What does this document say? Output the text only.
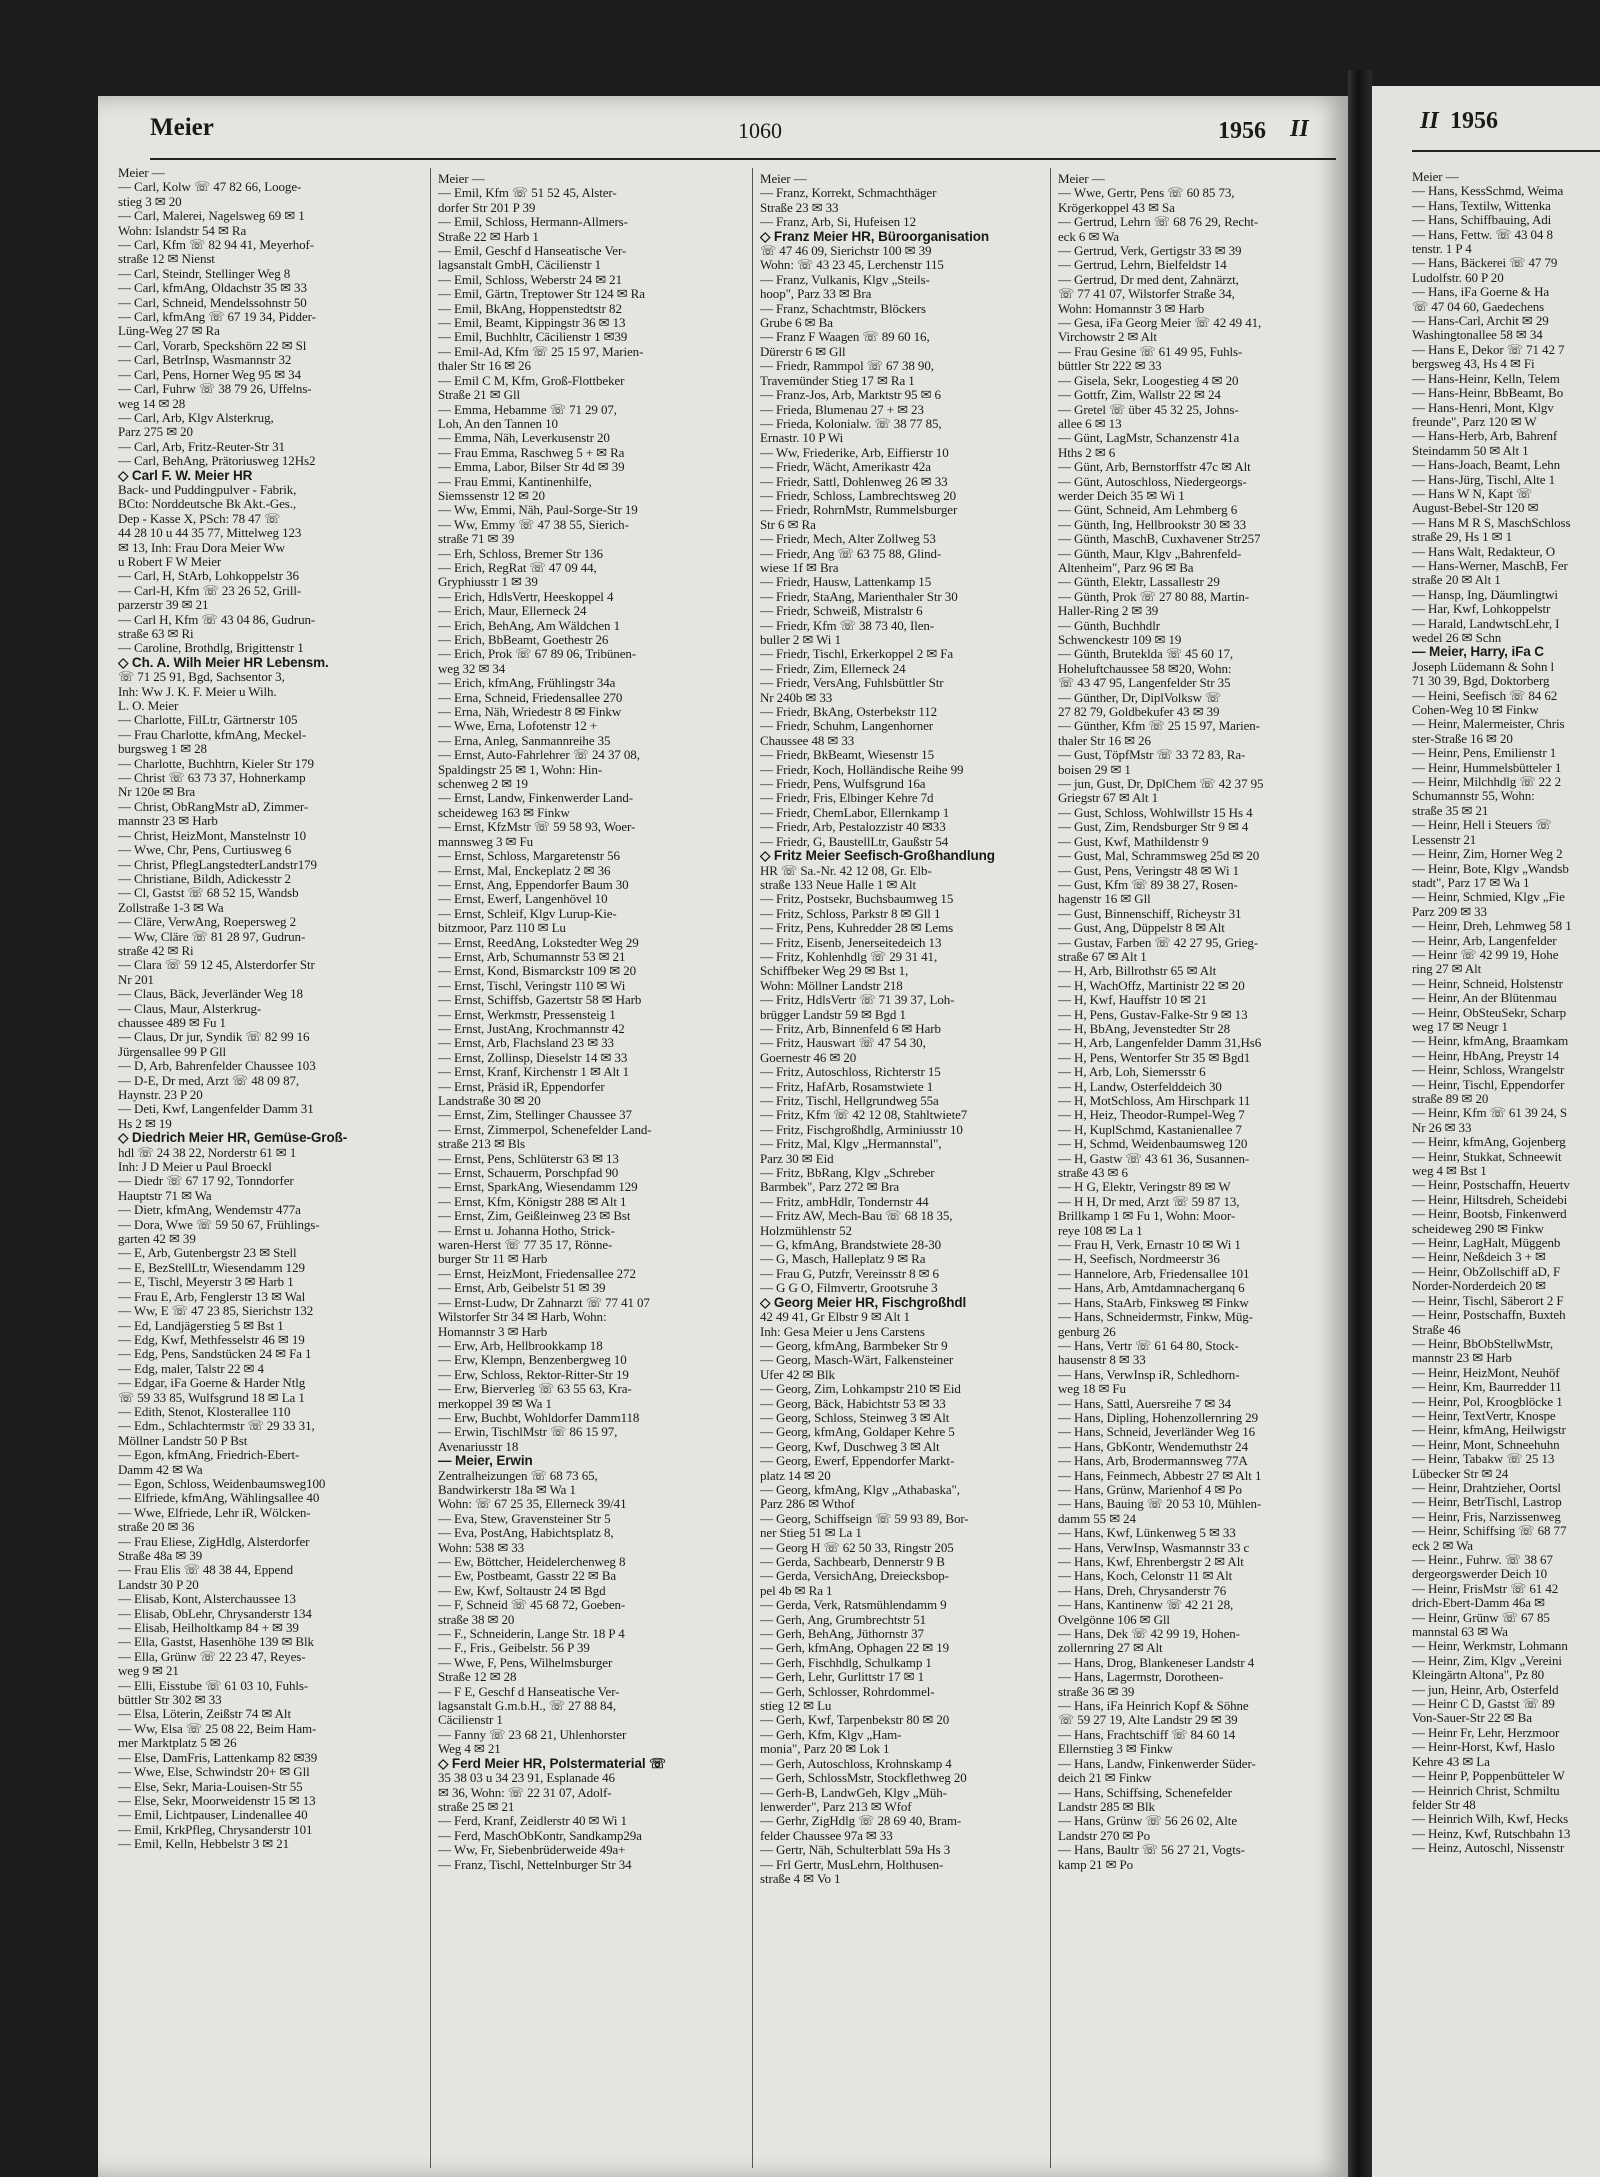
Meier	1060	1956 II
Meier —
— Carl, Kolw ☏ 47 82 66, Looge-
stieg 3 ✉ 20
— Carl, Malerei, Nagelsweg 69 ✉ 1
Wohn: Islandstr 54 ✉ Ra
— Carl, Kfm ☏ 82 94 41, Meyerhof-
straße 12 ✉ Nienst
— Carl, Steindr, Stellinger Weg 8
— Carl, kfmAng, Oldachstr 35 ✉ 33
— Carl, Schneid, Mendelssohnstr 50
— Carl, kfmAng ☏ 67 19 34, Pidder-
Lüng-Weg 27 ✉ Ra
— Carl, Vorarb, Speckshörn 22 ✉ Sl
— Carl, BetrInsp, Wasmannstr 32
— Carl, Pens, Horner Weg 95 ✉ 34
— Carl, Fuhrw ☏ 38 79 26, Uffelns-
weg 14 ✉ 28
— Carl, Arb, Klgv Alsterkrug,
Parz 275 ✉ 20
— Carl, Arb, Fritz-Reuter-Str 31
— Carl, BehAng, Prätoriusweg 12Hs2
◇ Carl F. W. Meier HR
Back- und Puddingpulver - Fabrik,
BCto: Norddeutsche Bk Akt.-Ges.,
Dep - Kasse X, PSch: 78 47 ☏
44 28 10 u 44 35 77, Mittelweg 123
✉ 13, Inh: Frau Dora Meier Ww
u Robert F W Meier
— Carl, H, StArb, Lohkoppelstr 36
— Carl-H, Kfm ☏ 23 26 52, Grill-
parzerstr 39 ✉ 21
— Carl H, Kfm ☏ 43 04 86, Gudrun-
straße 63 ✉ Ri
— Caroline, Brothdlg, Brigittenstr 1
◇ Ch. A. Wilh Meier HR Lebensm.
☏ 71 25 91, Bgd, Sachsentor 3,
Inh: Ww J. K. F. Meier u Wilh.
L. O. Meier
— Charlotte, FilLtr, Gärtnerstr 105
— Frau Charlotte, kfmAng, Meckel-
burgsweg 1 ✉ 28
— Charlotte, Buchhtrn, Kieler Str 179
— Christ ☏ 63 73 37, Hohnerkamp
Nr 120e ✉ Bra
— Christ, ObRangMstr aD, Zimmer-
mannstr 23 ✉ Harb
— Christ, HeizMont, Manstelnstr 10
— Wwe, Chr, Pens, Curtiusweg 6
— Christ, PflegLangstedterLandstr179
— Christiane, Bildh, Adickesstr 2
— Cl, Gastst ☏ 68 52 15, Wandsb
Zollstraße 1-3 ✉ Wa
— Cläre, VerwAng, Roepersweg 2
— Ww, Cläre ☏ 81 28 97, Gudrun-
straße 42 ✉ Ri
— Clara ☏ 59 12 45, Alsterdorfer Str
Nr 201
— Claus, Bäck, Jeverländer Weg 18
— Claus, Maur, Alsterkrug-
chaussee 489 ✉ Fu 1
— Claus, Dr jur, Syndik ☏ 82 99 16
Jürgensallee 99 P Gll
— D, Arb, Bahrenfelder Chaussee 103
— D-E, Dr med, Arzt ☏ 48 09 87,
Haynstr. 23 P 20
— Deti, Kwf, Langenfelder Damm 31
Hs 2 ✉ 19
◇ Diedrich Meier HR, Gemüse-Groß-
hdl ☏ 24 38 22, Norderstr 61 ✉ 1
Inh: J D Meier u Paul Broeckl
— Diedr ☏ 67 17 92, Tonndorfer
Hauptstr 71 ✉ Wa
— Dietr, kfmAng, Wendemstr 477a
— Dora, Wwe ☏ 59 50 67, Frühlings-
garten 42 ✉ 39
— E, Arb, Gutenbergstr 23 ✉ Stell
— E, BezStellLtr, Wiesendamm 129
— E, Tischl, Meyerstr 3 ✉ Harb 1
— Frau E, Arb, Fenglerstr 13 ✉ Wal
— Ww, E ☏ 47 23 85, Sierichstr 132
— Ed, Landjägerstieg 5 ✉ Bst 1
— Edg, Kwf, Methfesselstr 46 ✉ 19
— Edg, Pens, Sandstücken 24 ✉ Fa 1
— Edg, maler, Talstr 22 ✉ 4
— Edgar, iFa Goerne & Harder Ntlg
☏ 59 33 85, Wulfsgrund 18 ✉ La 1
— Edith, Stenot, Klosterallee 110
— Edm., Schlachtermstr ☏ 29 33 31,
Möllner Landstr 50 P Bst
— Egon, kfmAng, Friedrich-Ebert-
Damm 42 ✉ Wa
— Egon, Schloss, Weidenbaumsweg100
— Elfriede, kfmAng, Wählingsallee 40
— Wwe, Elfriede, Lehr iR, Wölcken-
straße 20 ✉ 36
— Frau Eliese, ZigHdlg, Alsterdorfer
Straße 48a ✉ 39
— Frau Elis ☏ 48 38 44, Eppend
Landstr 30 P 20
— Elisab, Kont, Alsterchaussee 13
— Elisab, ObLehr, Chrysanderstr 134
— Elisab, Heilholtkamp 84 + ✉ 39
— Ella, Gastst, Hasenhöhe 139 ✉ Blk
— Ella, Grünw ☏ 22 23 47, Reyes-
weg 9 ✉ 21
— Elli, Eisstube ☏ 61 03 10, Fuhls-
büttler Str 302 ✉ 33
— Elsa, Löterin, Zeißstr 74 ✉ Alt
— Ww, Elsa ☏ 25 08 22, Beim Ham-
mer Marktplatz 5 ✉ 26
— Else, DamFris, Lattenkamp 82 ✉39
— Wwe, Else, Schwindstr 20+ ✉ Gll
— Else, Sekr, Maria-Louisen-Str 55
— Else, Sekr, Moorweidenstr 15 ✉ 13
— Emil, Lichtpauser, Lindenallee 40
— Emil, KrkPfleg, Chrysanderstr 101
— Emil, Kelln, Hebbelstr 3 ✉ 21
Meier —
— Emil, Kfm ☏ 51 52 45, Alster-
dorfer Str 201 P 39
— Emil, Schloss, Hermann-Allmers-
Straße 22 ✉ Harb 1
— Emil, Geschf d Hanseatische Ver-
lagsanstalt GmbH, Cäcilienstr 1
— Emil, Schloss, Weberstr 24 ✉ 21
— Emil, Gärtn, Treptower Str 124 ✉ Ra
— Emil, BkAng, Hoppenstedtstr 82
— Emil, Beamt, Kippingstr 36 ✉ 13
— Emil, Buchhltr, Cäcilienstr 1 ✉39
— Emil-Ad, Kfm ☏ 25 15 97, Marien-
thaler Str 16 ✉ 26
— Emil C M, Kfm, Groß-Flottbeker
Straße 21 ✉ Gll
— Emma, Hebamme ☏ 71 29 07,
Loh, An den Tannen 10
— Emma, Näh, Leverkusenstr 20
— Frau Emma, Raschweg 5 + ✉ Ra
— Emma, Labor, Bilser Str 4d ✉ 39
— Frau Emmi, Kantinenhilfe,
Siemssenstr 12 ✉ 20
— Ww, Emmi, Näh, Paul-Sorge-Str 19
— Ww, Emmy ☏ 47 38 55, Sierich-
straße 71 ✉ 39
— Erh, Schloss, Bremer Str 136
— Erich, RegRat ☏ 47 09 44,
Gryphiusstr 1 ✉ 39
— Erich, HdlsVertr, Heeskoppel 4
— Erich, Maur, Ellerneck 24
— Erich, BehAng, Am Wäldchen 1
— Erich, BbBeamt, Goethestr 26
— Erich, Prok ☏ 67 89 06, Tribünen-
weg 32 ✉ 34
— Erich, kfmAng, Frühlingstr 34a
— Erna, Schneid, Friedensallee 270
— Erna, Näh, Wriedestr 8 ✉ Finkw
— Wwe, Erna, Lofotenstr 12 +
— Erna, Anleg, Sanmannreihe 35
— Ernst, Auto-Fahrlehrer ☏ 24 37 08,
Spaldingstr 25 ✉ 1, Wohn: Hin-
schenweg 2 ✉ 19
— Ernst, Landw, Finkenwerder Land-
scheideweg 163 ✉ Finkw
— Ernst, KfzMstr ☏ 59 58 93, Woer-
mannsweg 3 ✉ Fu
— Ernst, Schloss, Margaretenstr 56
— Ernst, Mal, Enckeplatz 2 ✉ 36
— Ernst, Ang, Eppendorfer Baum 30
— Ernst, Ewerf, Langenhövel 10
— Ernst, Schleif, Klgv Lurup-Kie-
bitzmoor, Parz 110 ✉ Lu
— Ernst, ReedAng, Lokstedter Weg 29
— Ernst, Arb, Schumannstr 53 ✉ 21
— Ernst, Kond, Bismarckstr 109 ✉ 20
— Ernst, Tischl, Veringstr 110 ✉ Wi
— Ernst, Schiffsb, Gazertstr 58 ✉ Harb
— Ernst, Werkmstr, Pressensteig 1
— Ernst, JustAng, Krochmannstr 42
— Ernst, Arb, Flachsland 23 ✉ 33
— Ernst, Zollinsp, Dieselstr 14 ✉ 33
— Ernst, Kranf, Kirchenstr 1 ✉ Alt 1
— Ernst, Präsid iR, Eppendorfer
Landstraße 30 ✉ 20
— Ernst, Zim, Stellinger Chaussee 37
— Ernst, Zimmerpol, Schenefelder Land-
straße 213 ✉ Bls
— Ernst, Pens, Schlüterstr 63 ✉ 13
— Ernst, Schauerm, Porschpfad 90
— Ernst, SparkAng, Wiesendamm 129
— Ernst, Kfm, Königstr 288 ✉ Alt 1
— Ernst, Zim, Geißleinweg 23 ✉ Bst
— Ernst u. Johanna Hotho, Strick-
waren-Herst ☏ 77 35 17, Rönne-
burger Str 11 ✉ Harb
— Ernst, HeizMont, Friedensallee 272
— Ernst, Arb, Geibelstr 51 ✉ 39
— Ernst-Ludw, Dr Zahnarzt ☏ 77 41 07
Wilstorfer Str 34 ✉ Harb, Wohn:
Homannstr 3 ✉ Harb
— Erw, Arb, Hellbrookkamp 18
— Erw, Klempn, Benzenbergweg 10
— Erw, Schloss, Rektor-Ritter-Str 19
— Erw, Bierverleg ☏ 63 55 63, Kra-
merkoppel 39 ✉ Wa 1
— Erw, Buchbt, Wohldorfer Damm118
— Erwin, TischlMstr ☏ 86 15 97,
Avenariusstr 18
— Meier, Erwin
Zentralheizungen ☏ 68 73 65,
Bandwirkerstr 18a ✉ Wa 1
Wohn: ☏ 67 25 35, Ellerneck 39/41
— Eva, Stew, Gravensteiner Str 5
— Eva, PostAng, Habichtsplatz 8,
Wohn: 538 ✉ 33
— Ew, Böttcher, Heidelerchenweg 8
— Ew, Postbeamt, Gasstr 22 ✉ Ba
— Ew, Kwf, Soltaustr 24 ✉ Bgd
— F, Schneid ☏ 45 68 72, Goeben-
straße 38 ✉ 20
— F., Schneiderin, Lange Str. 18 P 4
— F., Fris., Geibelstr. 56 P 39
— Wwe, F, Pens, Wilhelmsburger
Straße 12 ✉ 28
— F E, Geschf d Hanseatische Ver-
lagsanstalt G.m.b.H., ☏ 27 88 84,
Cäcilienstr 1
— Fanny ☏ 23 68 21, Uhlenhorster
Weg 4 ✉ 21
◇ Ferd Meier HR, Polstermaterial ☏
35 38 03 u 34 23 91, Esplanade 46
✉ 36, Wohn: ☏ 22 31 07, Adolf-
straße 25 ✉ 21
— Ferd, Kranf, Zeidlerstr 40 ✉ Wi 1
— Ferd, MaschObKontr, Sandkamp29a
— Ww, Fr, Siebenbrüderweide 49a+
— Franz, Tischl, Nettelnburger Str 34
Meier —
— Franz, Korrekt, Schmachthäger
Straße 23 ✉ 33
— Franz, Arb, Si, Hufeisen 12
◇ Franz Meier HR, Büroorganisation
☏ 47 46 09, Sierichstr 100 ✉ 39
Wohn: ☏ 43 23 45, Lerchenstr 115
— Franz, Vulkanis, Klgv „Steils-
hoop", Parz 33 ✉ Bra
— Franz, Schachtmstr, Blöckers
Grube 6 ✉ Ba
— Franz F Waagen ☏ 89 60 16,
Dürerstr 6 ✉ Gll
— Friedr, Rammpol ☏ 67 38 90,
Travemünder Stieg 17 ✉ Ra 1
— Franz-Jos, Arb, Marktstr 95 ✉ 6
— Frieda, Blumenau 27 + ✉ 23
— Frieda, Kolonialw. ☏ 38 77 85,
Ernastr. 10 P Wi
— Ww, Friederike, Arb, Eiffierstr 10
— Friedr, Wächt, Amerikastr 42a
— Friedr, Sattl, Dohlenweg 26 ✉ 33
— Friedr, Schloss, Lambrechtsweg 20
— Friedr, RohrnMstr, Rummelsburger
Str 6 ✉ Ra
— Friedr, Mech, Alter Zollweg 53
— Friedr, Ang ☏ 63 75 88, Glind-
wiese 1f ✉ Bra
— Friedr, Hausw, Lattenkamp 15
— Friedr, StaAng, Marienthaler Str 30
— Friedr, Schweiß, Mistralstr 6
— Friedr, Kfm ☏ 38 73 40, Ilen-
buller 2 ✉ Wi 1
— Friedr, Tischl, Erkerkoppel 2 ✉ Fa
— Friedr, Zim, Ellerneck 24
— Friedr, VersAng, Fuhlsbüttler Str
Nr 240b ✉ 33
— Friedr, BkAng, Osterbekstr 112
— Friedr, Schuhm, Langenhorner
Chaussee 48 ✉ 33
— Friedr, BkBeamt, Wiesenstr 15
— Friedr, Koch, Holländische Reihe 99
— Friedr, Pens, Wulfsgrund 16a
— Friedr, Fris, Elbinger Kehre 7d
— Friedr, ChemLabor, Ellernkamp 1
— Friedr, Arb, Pestalozzistr 40 ✉33
— Friedr, G, BaustellLtr, Gaußstr 54
◇ Fritz Meier Seefisch-Großhandlung
HR ☏ Sa.-Nr. 42 12 08, Gr. Elb-
straße 133 Neue Halle 1 ✉ Alt
— Fritz, Postsekr, Buchsbaumweg 15
— Fritz, Schloss, Parkstr 8 ✉ Gll 1
— Fritz, Pens, Kuhredder 28 ✉ Lems
— Fritz, Eisenb, Jenerseitedeich 13
— Fritz, Kohlenhdlg ☏ 29 31 41,
Schiffbeker Weg 29 ✉ Bst 1,
Wohn: Möllner Landstr 218
— Fritz, HdlsVertr ☏ 71 39 37, Loh-
brügger Landstr 59 ✉ Bgd 1
— Fritz, Arb, Binnenfeld 6 ✉ Harb
— Fritz, Hauswart ☏ 47 54 30,
Goernestr 46 ✉ 20
— Fritz, Autoschloss, Richterstr 15
— Fritz, HafArb, Rosamstwiete 1
— Fritz, Tischl, Hellgrundweg 55a
— Fritz, Kfm ☏ 42 12 08, Stahltwiete7
— Fritz, Fischgroßhdlg, Arminiusstr 10
— Fritz, Mal, Klgv „Hermannstal",
Parz 30 ✉ Eid
— Fritz, BbRang, Klgv „Schreber
Barmbek", Parz 272 ✉ Bra
— Fritz, ambHdlr, Tondernstr 44
— Fritz AW, Mech-Bau ☏ 68 18 35,
Holzmühlenstr 52
— G, kfmAng, Brandstwiete 28-30
— G, Masch, Halleplatz 9 ✉ Ra
— Frau G, Putzfr, Vereinsstr 8 ✉ 6
— G G O, Filmvertr, Grootsruhe 3
◇ Georg Meier HR, Fischgroßhdl
42 49 41, Gr Elbstr 9 ✉ Alt 1
Inh: Gesa Meier u Jens Carstens
— Georg, kfmAng, Barmbeker Str 9
— Georg, Masch-Wärt, Falkensteiner
Ufer 42 ✉ Blk
— Georg, Zim, Lohkampstr 210 ✉ Eid
— Georg, Bäck, Habichtstr 53 ✉ 33
— Georg, Schloss, Steinweg 3 ✉ Alt
— Georg, kfmAng, Goldaper Kehre 5
— Georg, Kwf, Duschweg 3 ✉ Alt
— Georg, Ewerf, Eppendorfer Markt-
platz 14 ✉ 20
— Georg, kfmAng, Klgv „Athabaska",
Parz 286 ✉ Wthof
— Georg, Schiffseign ☏ 59 93 89, Bor-
ner Stieg 51 ✉ La 1
— Georg H ☏ 62 50 33, Ringstr 205
— Gerda, Sachbearb, Dennerstr 9 B
— Gerda, VersichAng, Dreiecksbop-
pel 4b ✉ Ra 1
— Gerda, Verk, Ratsmühlendamm 9
— Gerh, Ang, Grumbrechtstr 51
— Gerh, BehAng, Jüthornstr 37
— Gerh, kfmAng, Ophagen 22 ✉ 19
— Gerh, Fischhdlg, Schulkamp 1
— Gerh, Lehr, Gurlittstr 17 ✉ 1
— Gerh, Schlosser, Rohrdommel-
stieg 12 ✉ Lu
— Gerh, Kwf, Tarpenbekstr 80 ✉ 20
— Gerh, Kfm, Klgv „Ham-
monia", Parz 20 ✉ Lok 1
— Gerh, Autoschloss, Krohnskamp 4
— Gerh, SchlossMstr, Stockflethweg 20
— Gerh-B, LandwGeh, Klgv „Müh-
lenwerder", Parz 213 ✉ Wfof
— Gerhr, ZigHdlg ☏ 28 69 40, Bram-
felder Chaussee 97a ✉ 33
— Gertr, Näh, Schulterblatt 59a Hs 3
— Frl Gertr, MusLehrn, Holthusen-
straße 4 ✉ Vo 1
Meier —
— Wwe, Gertr, Pens ☏ 60 85 73,
Krögerkoppel 43 ✉ Sa
— Gertrud, Lehrn ☏ 68 76 29, Recht-
eck 6 ✉ Wa
— Gertrud, Verk, Gertigstr 33 ✉ 39
— Gertrud, Lehrn, Bielfeldstr 14
— Gertrud, Dr med dent, Zahnärzt,
☏ 77 41 07, Wilstorfer Straße 34,
Wohn: Homannstr 3 ✉ Harb
— Gesa, iFa Georg Meier ☏ 42 49 41,
Virchowstr 2 ✉ Alt
— Frau Gesine ☏ 61 49 95, Fuhls-
büttler Str 222 ✉ 33
— Gisela, Sekr, Loogestieg 4 ✉ 20
— Gottfr, Zim, Wallstr 22 ✉ 24
— Gretel ☏ über 45 32 25, Johns-
allee 6 ✉ 13
— Günt, LagMstr, Schanzenstr 41a
Hths 2 ✉ 6
— Günt, Arb, Bernstorffstr 47c ✉ Alt
— Günt, Autoschloss, Niedergeorgs-
werder Deich 35 ✉ Wi 1
— Günt, Schneid, Am Lehmberg 6
— Günth, Ing, Hellbrookstr 30 ✉ 33
— Günth, MaschB, Cuxhavener Str257
— Günth, Maur, Klgv „Bahrenfeld-
Altenheim", Parz 96 ✉ Ba
— Günth, Elektr, Lassallestr 29
— Günth, Prok ☏ 27 80 88, Martin-
Haller-Ring 2 ✉ 39
— Günth, Buchhdlr
Schwenckestr 109 ✉ 19
— Günth, Bruteklda ☏ 45 60 17,
Hoheluftchaussee 58 ✉20, Wohn:
☏ 43 47 95, Langenfelder Str 35
— Günther, Dr, DiplVolksw ☏
27 82 79, Goldbekufer 43 ✉ 39
— Günther, Kfm ☏ 25 15 97, Marien-
thaler Str 16 ✉ 26
— Gust, TöpfMstr ☏ 33 72 83, Ra-
boisen 29 ✉ 1
— jun, Gust, Dr, DplChem ☏ 42 37 95
Griegstr 67 ✉ Alt 1
— Gust, Schloss, Wohlwillstr 15 Hs 4
— Gust, Zim, Rendsburger Str 9 ✉ 4
— Gust, Kwf, Mathildenstr 9
— Gust, Mal, Schrammsweg 25d ✉ 20
— Gust, Pens, Veringstr 48 ✉ Wi 1
— Gust, Kfm ☏ 89 38 27, Rosen-
hagenstr 16 ✉ Gll
— Gust, Binnenschiff, Richeystr 31
— Gust, Ang, Düppelstr 8 ✉ Alt
— Gustav, Farben ☏ 42 27 95, Grieg-
straße 67 ✉ Alt 1
— H, Arb, Billrothstr 65 ✉ Alt
— H, WachOffz, Martinistr 22 ✉ 20
— H, Kwf, Hauffstr 10 ✉ 21
— H, Pens, Gustav-Falke-Str 9 ✉ 13
— H, BbAng, Jevenstedter Str 28
— H, Arb, Langenfelder Damm 31,Hs6
— H, Pens, Wentorfer Str 35 ✉ Bgd1
— H, Arb, Loh, Siemersstr 6
— H, Landw, Osterfelddeich 30
— H, MotSchloss, Am Hirschpark 11
— H, Heiz, Theodor-Rumpel-Weg 7
— H, KuplSchmd, Kastanienallee 7
— H, Schmd, Weidenbaumsweg 120
— H, Gastw ☏ 43 61 36, Susannen-
straße 43 ✉ 6
— H G, Elektr, Veringstr 89 ✉ W
— H H, Dr med, Arzt ☏ 59 87 13,
Brillkamp 1 ✉ Fu 1, Wohn: Moor-
reye 108 ✉ La 1
— Frau H, Verk, Ernastr 10 ✉ Wi 1
— H, Seefisch, Nordmeerstr 36
— Hannelore, Arb, Friedensallee 101
— Hans, Arb, Amtdamnacherganq 6
— Hans, StaArb, Finksweg ✉ Finkw
— Hans, Schneidermstr, Finkw, Müg-
genburg 26
— Hans, Vertr ☏ 61 64 80, Stock-
hausenstr 8 ✉ 33
— Hans, VerwInsp iR, Schledhorn-
weg 18 ✉ Fu
— Hans, Sattl, Auersreihe 7 ✉ 34
— Hans, Dipling, Hohenzollernring 29
— Hans, Schneid, Jeverländer Weg 16
— Hans, GbKontr, Wendemuthstr 24
— Hans, Arb, Brodermannsweg 77A
— Hans, Feinmech, Abbestr 27 ✉ Alt 1
— Hans, Grünw, Marienhof 4 ✉ Po
— Hans, Bauing ☏ 20 53 10, Mühlen-
damm 55 ✉ 24
— Hans, Kwf, Lünkenweg 5 ✉ 33
— Hans, VerwInsp, Wasmannstr 33 c
— Hans, Kwf, Ehrenbergstr 2 ✉ Alt
— Hans, Koch, Celonstr 11 ✉ Alt
— Hans, Dreh, Chrysanderstr 76
— Hans, Kantinenw ☏ 42 21 28,
Ovelgönne 106 ✉ Gll
— Hans, Dek ☏ 42 99 19, Hohen-
zollernring 27 ✉ Alt
— Hans, Drog, Blankeneser Landstr 4
— Hans, Lagermstr, Dorotheen-
straße 36 ✉ 39
— Hans, iFa Heinrich Kopf & Söhne
☏ 59 27 19, Alte Landstr 29 ✉ 39
— Hans, Frachtschiff ☏ 84 60 14
Ellernstieg 3 ✉ Finkw
— Hans, Landw, Finkenwerder Süder-
deich 21 ✉ Finkw
— Hans, Schiffsing, Schenefelder
Landstr 285 ✉ Blk
— Hans, Grünw ☏ 56 26 02, Alte
Landstr 270 ✉ Po
— Hans, Baultr ☏ 56 27 21, Vogts-
kamp 21 ✉ Po
II 1956
Meier —
— Hans, KessSchmd, Weima
— Hans, Textilw, Wittenka
— Hans, Schiffbauing, Adi
— Hans, Fettw. ☏ 43 04 8
tenstr. 1 P 4
— Hans, Bäckerei ☏ 47 79
Ludolfstr. 60 P 20
— Hans, iFa Goerne & Ha
☏ 47 04 60, Gaedechens
— Hans-Carl, Archit ✉ 29
Washingtonallee 58 ✉ 34
— Hans E, Dekor ☏ 71 42 7
bergsweg 43, Hs 4 ✉ Fi
— Hans-Heinr, Kelln, Telem
— Hans-Heinr, BbBeamt, Bo
— Hans-Henri, Mont, Klgv
freunde", Parz 120 ✉ W
— Hans-Herb, Arb, Bahrenf
Steindamm 50 ✉ Alt 1
— Hans-Joach, Beamt, Lehn
— Hans-Jürg, Tischl, Alte 1
— Hans W N, Kapt ☏
August-Bebel-Str 120 ✉
— Hans M R S, MaschSchloss
straße 29, Hs 1 ✉ 1
— Hans Walt, Redakteur, O
— Hans-Werner, MaschB, Fer
straße 20 ✉ Alt 1
— Hansp, Ing, Däumlingtwi
— Har, Kwf, Lohkoppelstr
— Harald, LandwtschLehr, I
wedel 26 ✉ Schn
— Meier, Harry, iFa C
Joseph Lüdemann & Sohn l
71 30 39, Bgd, Doktorberg
— Heini, Seefisch ☏ 84 62
Cohen-Weg 10 ✉ Finkw
— Heinr, Malermeister, Chris
ster-Straße 16 ✉ 20
— Heinr, Pens, Emilienstr 1
— Heinr, Hummelsbütteler 1
— Heinr, Milchhdlg ☏ 22 2
Schumannstr 55, Wohn:
straße 35 ✉ 21
— Heinr, Hell i Steuers ☏
Lessenstr 21
— Heinr, Zim, Horner Weg 2
— Heinr, Bote, Klgv „Wandsb
stadt", Parz 17 ✉ Wa 1
— Heinr, Schmied, Klgv „Fie
Parz 209 ✉ 33
— Heinr, Dreh, Lehmweg 58 1
— Heinr, Arb, Langenfelder
— Heinr ☏ 42 99 19, Hohe
ring 27 ✉ Alt
— Heinr, Schneid, Holstenstr
— Heinr, An der Blütenmau
— Heinr, ObSteuSekr, Scharp
weg 17 ✉ Neugr 1
— Heinr, kfmAng, Braamkam
— Heinr, HbAng, Preystr 14
— Heinr, Schloss, Wrangelstr
— Heinr, Tischl, Eppendorfer
straße 89 ✉ 20
— Heinr, Kfm ☏ 61 39 24, S
Nr 26 ✉ 33
— Heinr, kfmAng, Gojenberg
— Heinr, Stukkat, Schneewit
weg 4 ✉ Bst 1
— Heinr, Postschaffn, Heuertv
— Heinr, Hiltsdreh, Scheidebi
— Heinr, Bootsb, Finkenwerd
scheideweg 290 ✉ Finkw
— Heinr, LagHalt, Müggenb
— Heinr, Neßdeich 3 + ✉
— Heinr, ObZollschiff aD, F
Norder-Norderdeich 20 ✉
— Heinr, Tischl, Säberort 2 F
— Heinr, Postschaffn, Buxteh
Straße 46
— Heinr, BbObStellwMstr,
mannstr 23 ✉ Harb
— Heinr, HeizMont, Neuhöf
— Heinr, Km, Baurredder 11
— Heinr, Pol, Kroogblöcke 1
— Heinr, TextVertr, Knospe
— Heinr, kfmAng, Heilwigstr
— Heinr, Mont, Schneehuhn
— Heinr, Tabakw ☏ 25 13
Lübecker Str ✉ 24
— Heinr, Drahtzieher, Oortsl
— Heinr, BetrTischl, Lastrop
— Heinr, Fris, Narzissenweg
— Heinr, Schiffsing ☏ 68 77
eck 2 ✉ Wa
— Heinr., Fuhrw. ☏ 38 67
dergeorgswerder Deich 10
— Heinr, FrisMstr ☏ 61 42
drich-Ebert-Damm 46a ✉
— Heinr, Grünw ☏ 67 85
mannstal 63 ✉ Wa
— Heinr, Werkmstr, Lohmann
— Heinr, Zim, Klgv „Vereini
Kleingärtn Altona", Pz 80
— jun, Heinr, Arb, Osterfeld
— Heinr C D, Gastst ☏ 89
Von-Sauer-Str 22 ✉ Ba
— Heinr Fr, Lehr, Herzmoor
— Heinr-Horst, Kwf, Haslo
Kehre 43 ✉ La
— Heinr P, Poppenbütteler W
— Heinrich Christ, Schmiltu
felder Str 48
— Heinrich Wilh, Kwf, Hecks
— Heinz, Kwf, Rutschbahn 13
— Heinz, Autoschl, Nissenstr
